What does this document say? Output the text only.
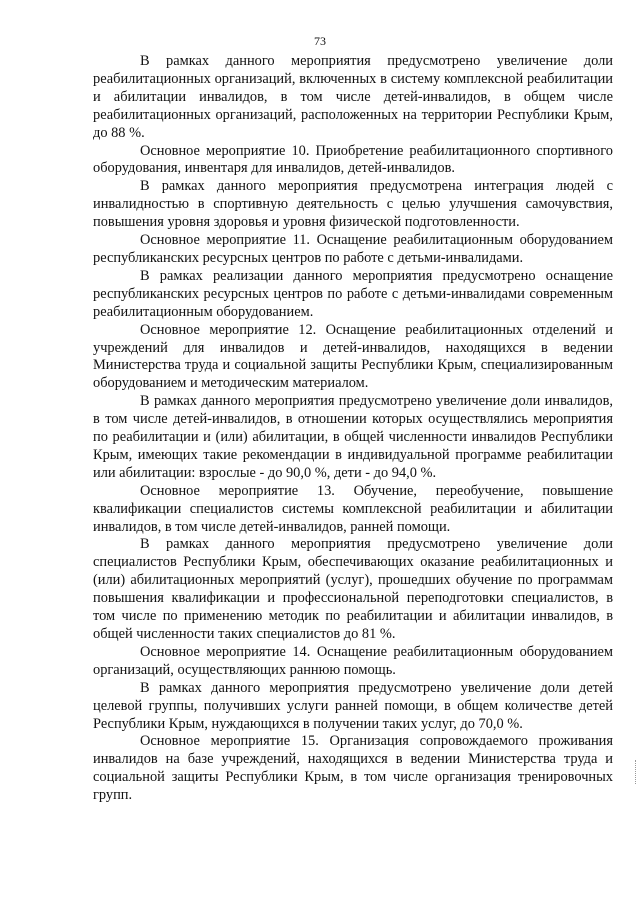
73

В рамках данного мероприятия предусмотрено увеличение доли реабилитационных организаций, включенных в систему комплексной реабилитации и абилитации инвалидов, в том числе детей-инвалидов, в общем числе реабилитационных организаций, расположенных на территории Республики Крым, до 88 %.

Основное мероприятие 10. Приобретение реабилитационного спортивного оборудования, инвентаря для инвалидов, детей-инвалидов.

В рамках данного мероприятия предусмотрена интеграция людей с инвалидностью в спортивную деятельность с целью улучшения самочувствия, повышения уровня здоровья и уровня физической подготовленности.

Основное мероприятие 11. Оснащение реабилитационным оборудованием республиканских ресурсных центров по работе с детьми-инвалидами.

В рамках реализации данного мероприятия предусмотрено оснащение республиканских ресурсных центров по работе с детьми-инвалидами современным реабилитационным оборудованием.

Основное мероприятие 12. Оснащение реабилитационных отделений и учреждений для инвалидов и детей-инвалидов, находящихся в ведении Министерства труда и социальной защиты Республики Крым, специализированным оборудованием и методическим материалом.

В рамках данного мероприятия предусмотрено увеличение доли инвалидов, в том числе детей-инвалидов, в отношении которых осуществлялись мероприятия по реабилитации и (или) абилитации, в общей численности инвалидов Республики Крым, имеющих такие рекомендации в индивидуальной программе реабилитации или абилитации: взрослые - до 90,0 %, дети - до 94,0 %.

Основное мероприятие 13. Обучение, переобучение, повышение квалификации специалистов системы комплексной реабилитации и абилитации инвалидов, в том числе детей-инвалидов, ранней помощи.

В рамках данного мероприятия предусмотрено увеличение доли специалистов Республики Крым, обеспечивающих оказание реабилитационных и (или) абилитационных мероприятий (услуг), прошедших обучение по программам повышения квалификации и профессиональной переподготовки специалистов, в том числе по применению методик по реабилитации и абилитации инвалидов, в общей численности таких специалистов до 81 %.

Основное мероприятие 14. Оснащение реабилитационным оборудованием организаций, осуществляющих раннюю помощь.

В рамках данного мероприятия предусмотрено увеличение доли детей целевой группы, получивших услуги ранней помощи, в общем количестве детей Республики Крым, нуждающихся в получении таких услуг, до 70,0 %.

Основное мероприятие 15. Организация сопровождаемого проживания инвалидов на базе учреждений, находящихся в ведении Министерства труда и социальной защиты Республики Крым, в том числе организация тренировочных групп.
